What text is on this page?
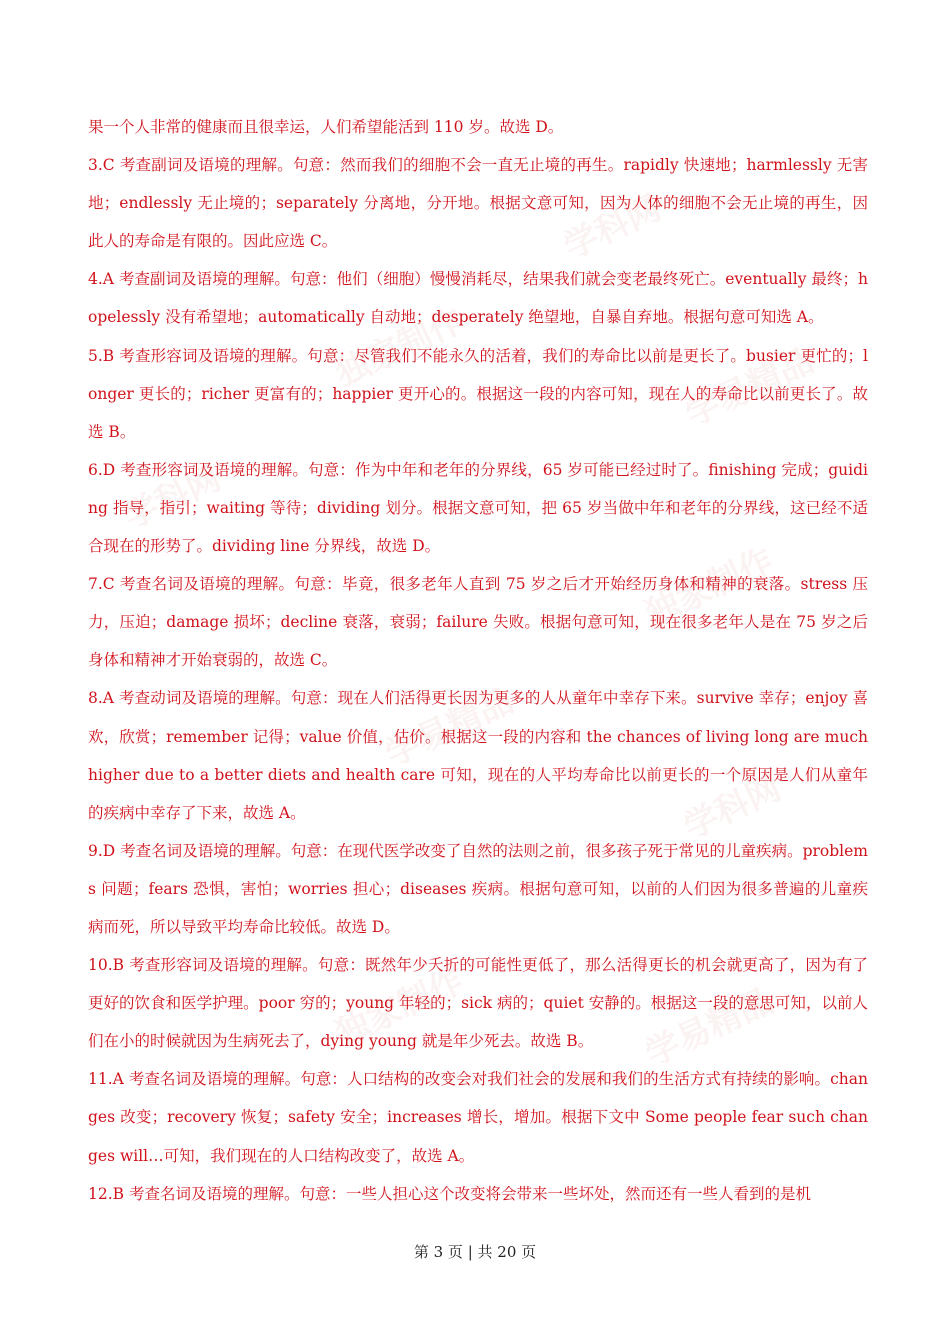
学科网
独家制作	学易精品
学科网
独家制作
学易精品
学科网
独家制作	学易精品

果一个人非常的健康而且很幸运，人们希望能活到 110 岁。故选 D。

3.C 考查副词及语境的理解。句意：然而我们的细胞不会一直无止境的再生。rapidly 快速地；harmlessly 无害地；endlessly 无止境的；separately 分离地，分开地。根据文意可知，因为人体的细胞不会无止境的再生，因此人的寿命是有限的。因此应选 C。

4.A 考查副词及语境的理解。句意：他们（细胞）慢慢消耗尽，结果我们就会变老最终死亡。eventually 最终；hopelessly 没有希望地；automatically 自动地；desperately 绝望地，自暴自弃地。根据句意可知选 A。

5.B 考查形容词及语境的理解。句意：尽管我们不能永久的活着，我们的寿命比以前是更长了。busier 更忙的；longer 更长的；richer 更富有的；happier 更开心的。根据这一段的内容可知，现在人的寿命比以前更长了。故选 B。

6.D 考查形容词及语境的理解。句意：作为中年和老年的分界线，65 岁可能已经过时了。finishing 完成；guiding 指导，指引；waiting 等待；dividing 划分。根据文意可知，把 65 岁当做中年和老年的分界线，这已经不适合现在的形势了。dividing line 分界线，故选 D。

7.C 考查名词及语境的理解。句意：毕竟，很多老年人直到 75 岁之后才开始经历身体和精神的衰落。stress 压力，压迫；damage 损坏；decline 衰落，衰弱；failure 失败。根据句意可知，现在很多老年人是在 75 岁之后身体和精神才开始衰弱的，故选 C。

8.A 考查动词及语境的理解。句意：现在人们活得更长因为更多的人从童年中幸存下来。survive 幸存；enjoy 喜欢，欣赏；remember 记得；value 价值，估价。根据这一段的内容和 the chances of living long are much higher due to a better diets and health care 可知，现在的人平均寿命比以前更长的一个原因是人们从童年的疾病中幸存了下来，故选 A。

9.D 考查名词及语境的理解。句意：在现代医学改变了自然的法则之前，很多孩子死于常见的儿童疾病。problems 问题；fears 恐惧，害怕；worries 担心；diseases 疾病。根据句意可知，以前的人们因为很多普遍的儿童疾病而死，所以导致平均寿命比较低。故选 D。

10.B 考查形容词及语境的理解。句意：既然年少夭折的可能性更低了，那么活得更长的机会就更高了，因为有了更好的饮食和医学护理。poor 穷的；young 年轻的；sick 病的；quiet 安静的。根据这一段的意思可知，以前人们在小的时候就因为生病死去了，dying young 就是年少死去。故选 B。

11.A 考查名词及语境的理解。句意：人口结构的改变会对我们社会的发展和我们的生活方式有持续的影响。changes 改变；recovery 恢复；safety 安全；increases 增长，增加。根据下文中 Some people fear such changes will…可知，我们现在的人口结构改变了，故选 A。

12.B 考查名词及语境的理解。句意：一些人担心这个改变将会带来一些坏处，然而还有一些人看到的是机

第 3 页 | 共 20 页
